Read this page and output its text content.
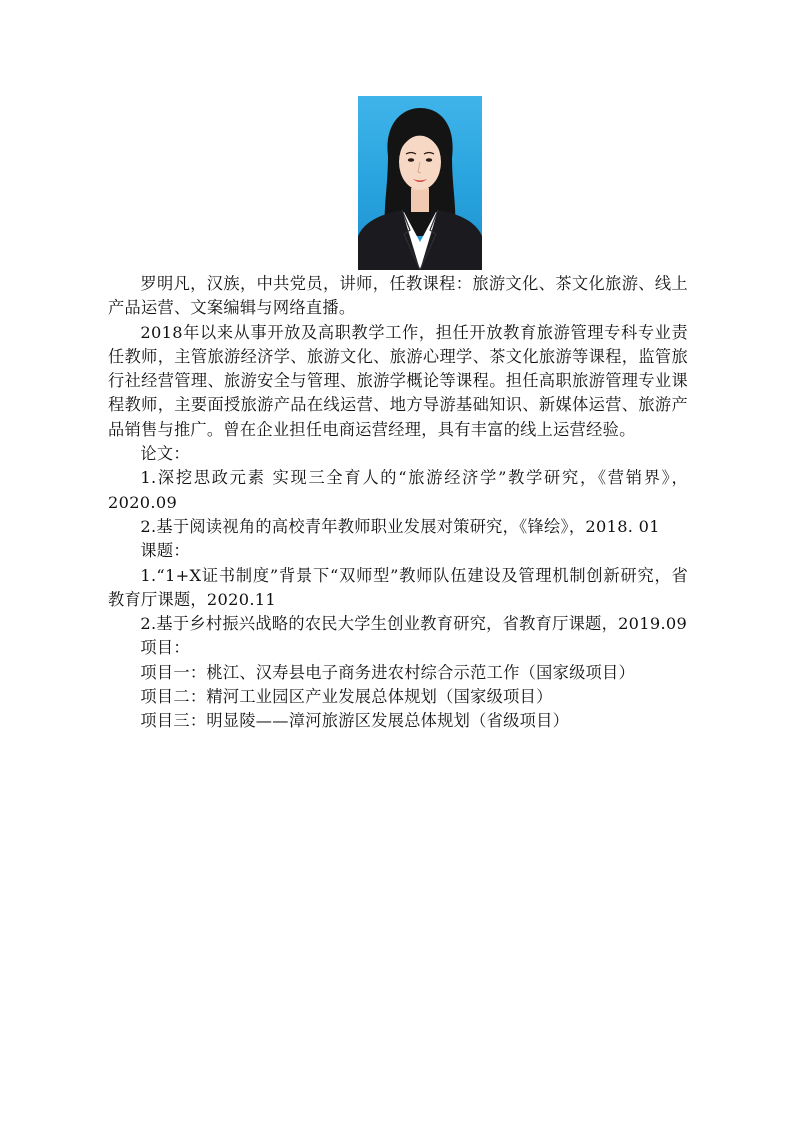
罗明凡，汉族，中共党员，讲师，任教课程：旅游文化、茶文化旅游、线上产品运营、文案编辑与网络直播。

2018年以来从事开放及高职教学工作，担任开放教育旅游管理专科专业责任教师，主管旅游经济学、旅游文化、旅游心理学、茶文化旅游等课程，监管旅行社经营管理、旅游安全与管理、旅游学概论等课程。担任高职旅游管理专业课程教师，主要面授旅游产品在线运营、地方导游基础知识、新媒体运营、旅游产品销售与推广。曾在企业担任电商运营经理，具有丰富的线上运营经验。

论文：

1.深挖思政元素 实现三全育人的“旅游经济学”教学研究，《营销界》，2020.09

2.基于阅读视角的高校青年教师职业发展对策研究，《锋绘》，2018. 01

课题：

1.“1+X证书制度”背景下“双师型”教师队伍建设及管理机制创新研究，省教育厅课题，2020.11

2.基于乡村振兴战略的农民大学生创业教育研究，省教育厅课题，2019.09

项目：

项目一：桃江、汉寿县电子商务进农村综合示范工作（国家级项目）

项目二：精河工业园区产业发展总体规划（国家级项目）

项目三：明显陵——漳河旅游区发展总体规划（省级项目）
